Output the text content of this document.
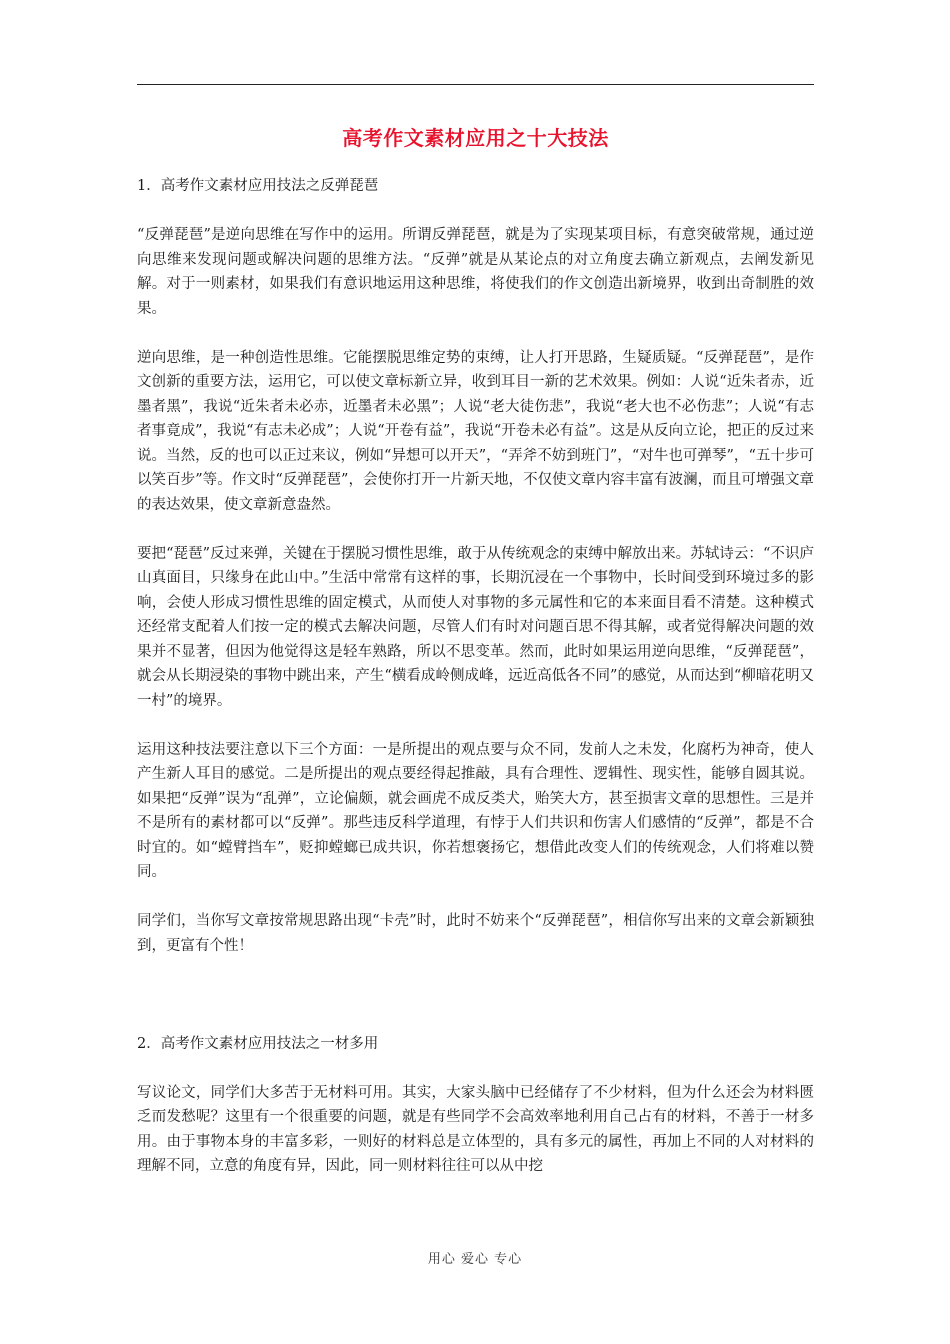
高考作文素材应用之十大技法

1．高考作文素材应用技法之反弹琵琶

“反弹琵琶”是逆向思维在写作中的运用。所谓反弹琵琶，就是为了实现某项目标，有意突破常规，通过逆向思维来发现问题或解决问题的思维方法。“反弹”就是从某论点的对立角度去确立新观点，去阐发新见解。对于一则素材，如果我们有意识地运用这种思维，将使我们的作文创造出新境界，收到出奇制胜的效果。

逆向思维，是一种创造性思维。它能摆脱思维定势的束缚，让人打开思路，生疑质疑。“反弹琵琶”，是作文创新的重要方法，运用它，可以使文章标新立异，收到耳目一新的艺术效果。例如：人说“近朱者赤，近墨者黑”，我说“近朱者未必赤，近墨者未必黑”；人说“老大徒伤悲”，我说“老大也不必伤悲”；人说“有志者事竟成”，我说“有志未必成”；人说“开卷有益”，我说“开卷未必有益”。这是从反向立论，把正的反过来说。当然，反的也可以正过来议，例如“异想可以开天”，“弄斧不妨到班门”，“对牛也可弹琴”，“五十步可以笑百步”等。作文时“反弹琵琶”，会使你打开一片新天地，不仅使文章内容丰富有波澜，而且可增强文章的表达效果，使文章新意盎然。

要把“琵琶”反过来弹，关键在于摆脱习惯性思维，敢于从传统观念的束缚中解放出来。苏轼诗云：“不识庐山真面目，只缘身在此山中。”生活中常常有这样的事，长期沉浸在一个事物中，长时间受到环境过多的影响，会使人形成习惯性思维的固定模式，从而使人对事物的多元属性和它的本来面目看不清楚。这种模式还经常支配着人们按一定的模式去解决问题，尽管人们有时对问题百思不得其解，或者觉得解决问题的效果并不显著，但因为他觉得这是轻车熟路，所以不思变革。然而，此时如果运用逆向思维，“反弹琵琶”，就会从长期浸染的事物中跳出来，产生“横看成岭侧成峰，远近高低各不同”的感觉，从而达到“柳暗花明又一村”的境界。

运用这种技法要注意以下三个方面：一是所提出的观点要与众不同，发前人之未发，化腐朽为神奇，使人产生新人耳目的感觉。二是所提出的观点要经得起推敲，具有合理性、逻辑性、现实性，能够自圆其说。如果把“反弹”误为“乱弹”，立论偏颇，就会画虎不成反类犬，贻笑大方，甚至损害文章的思想性。三是并不是所有的素材都可以“反弹”。那些违反科学道理，有悖于人们共识和伤害人们感情的“反弹”，都是不合时宜的。如“螳臂挡车”，贬抑螳螂已成共识，你若想褒扬它，想借此改变人们的传统观念，人们将难以赞同。

同学们，当你写文章按常规思路出现“卡壳”时，此时不妨来个“反弹琵琶”，相信你写出来的文章会新颖独到，更富有个性！

2．高考作文素材应用技法之一材多用

写议论文，同学们大多苦于无材料可用。其实，大家头脑中已经储存了不少材料，但为什么还会为材料匮乏而发愁呢？这里有一个很重要的问题，就是有些同学不会高效率地利用自己占有的材料，不善于一材多用。由于事物本身的丰富多彩，一则好的材料总是立体型的，具有多元的属性，再加上不同的人对材料的理解不同，立意的角度有异，因此，同一则材料往往可以从中挖

用心 爱心 专心
